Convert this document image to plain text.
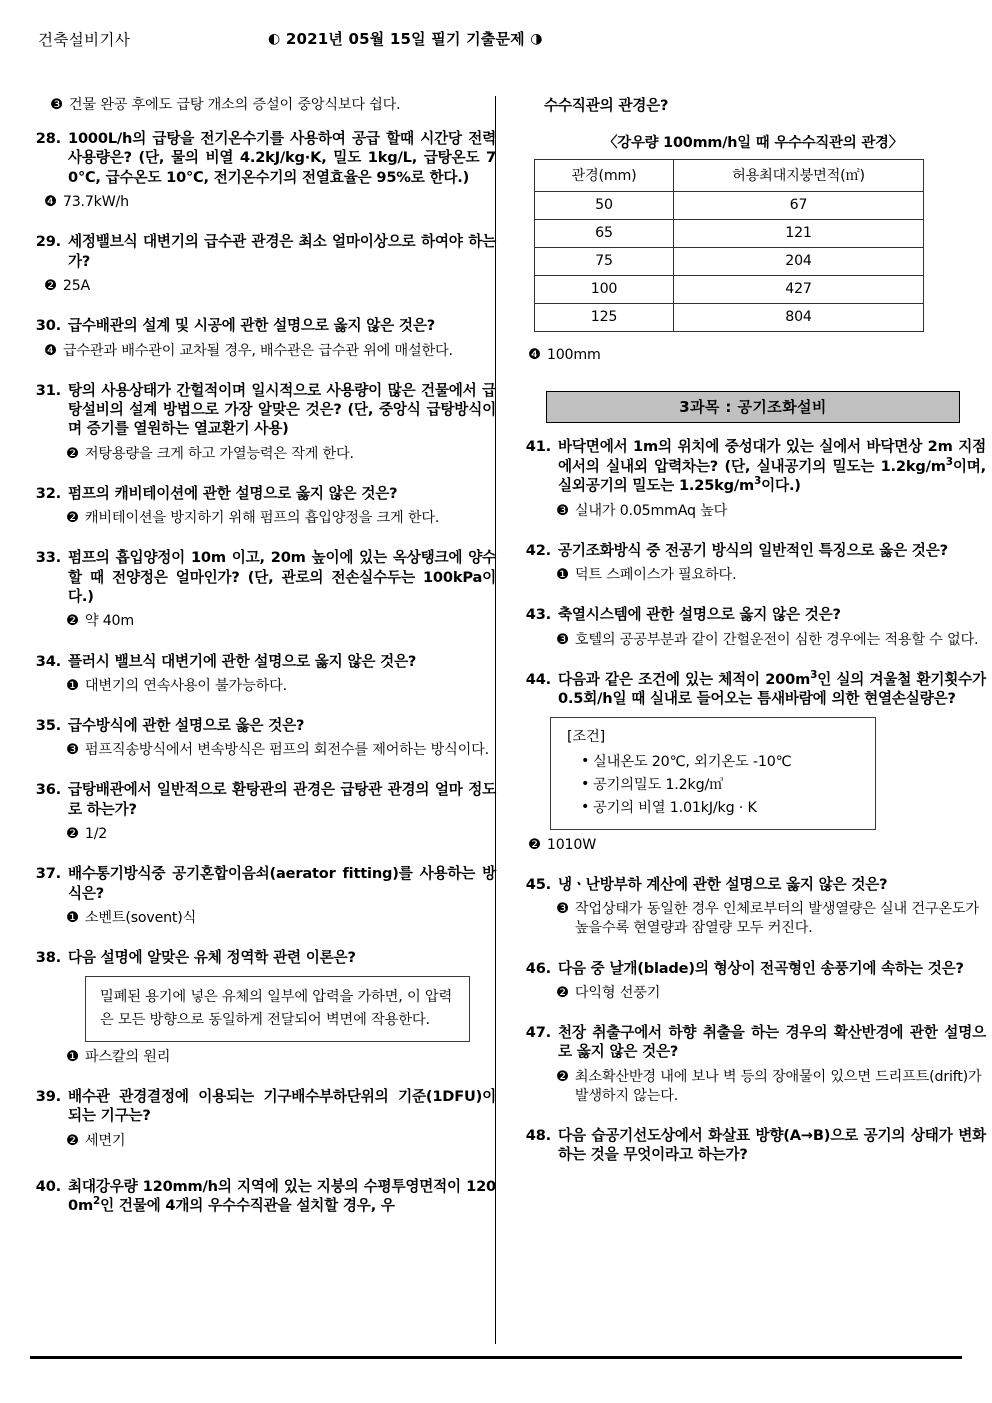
건축설비기사	◐ 2021년 05월 15일 필기 기출문제 ◑
❸ 건물 완공 후에도 급탕 개소의 증설이 중앙식보다 쉽다.
28. 1000L/h의 급탕을 전기온수기를 사용하여 공급 할때 시간당 전력사용량은? (단, 물의 비열 4.2kJ/kg·K, 밀도 1kg/L, 급탕온도 70℃, 급수온도 10℃, 전기온수기의 전열효율은 95%로 한다.)
❹ 73.7kW/h
29. 세정밸브식 대변기의 급수관 관경은 최소 얼마이상으로 하여야 하는가?
❷ 25A
30. 급수배관의 설계 및 시공에 관한 설명으로 옳지 않은 것은?
❹ 급수관과 배수관이 교차될 경우, 배수관은 급수관 위에 매설한다.
31. 탕의 사용상태가 간헐적이며 일시적으로 사용량이 많은 건물에서 급탕설비의 설계 방법으로 가장 알맞은 것은? (단, 중앙식 급탕방식이며 증기를 열원하는 열교환기 사용)
❷ 저탕용량을 크게 하고 가열능력은 작게 한다.
32. 펌프의 캐비테이션에 관한 설명으로 옳지 않은 것은?
❷ 캐비테이션을 방지하기 위해 펌프의 흡입양정을 크게 한다.
33. 펌프의 흡입양정이 10m 이고, 20m 높이에 있는 옥상탱크에 양수할 때 전양정은 얼마인가? (단, 관로의 전손실수두는 100kPa이다.)
❷ 약 40m
34. 플러시 밸브식 대변기에 관한 설명으로 옳지 않은 것은?
❶ 대변기의 연속사용이 불가능하다.
35. 급수방식에 관한 설명으로 옳은 것은?
❸ 펌프직송방식에서 변속방식은 펌프의 회전수를 제어하는 방식이다.
36. 급탕배관에서 일반적으로 환탕관의 관경은 급탕관 관경의 얼마 정도로 하는가?
❷ 1/2
37. 배수통기방식중 공기혼합이음쇠(aerator fitting)를 사용하는 방식은?
❶ 소벤트(sovent)식
38. 다음 설명에 알맞은 유체 정역학 관련 이론은?
밀폐된 용기에 넣은 유체의 일부에 압력을 가하면, 이 압력은 모든 방향으로 동일하게 전달되어 벽면에 작용한다.
❶ 파스칼의 원리
39. 배수관 관경결정에 이용되는 기구배수부하단위의 기준(1DFU)이 되는 기구는?
❷ 세면기
40. 최대강우량 120mm/h의 지역에 있는 지붕의 수평투영면적이 $1200m^2$인 건물에 4개의 우수수직관을 설치할 경우, 우
수수직관의 관경은?
〈강우량 100mm/h일 때 우수수직관의 관경〉
관경(mm)	허용최대지붕면적(㎡)
50	67
65	121
75	204
100	427
125	804
❹ 100mm
3과목 : 공기조화설비
41. 바닥면에서 1m의 위치에 중성대가 있는 실에서 바닥면상 2m 지점에서의 실내외 압력차는? (단, 실내공기의 밀도는 $1.2kg/m^3$이며, 실외공기의 밀도는 $1.25kg/m^3$이다.)
❸ 실내가 0.05mmAq 높다
42. 공기조화방식 중 전공기 방식의 일반적인 특징으로 옳은 것은?
❶ 덕트 스페이스가 필요하다.
43. 축열시스템에 관한 설명으로 옳지 않은 것은?
❸ 호텔의 공공부분과 같이 간헐운전이 심한 경우에는 적용할 수 없다.
44. 다음과 같은 조건에 있는 체적이 $200m^3$인 실의 겨울철 환기횟수가 0.5회/h일 때 실내로 들어오는 틈새바람에 의한 현열손실량은?
[조건]
• 실내온도 20℃, 외기온도 -10℃
• 공기의밀도 1.2kg/㎥
• 공기의 비열 1.01kJ/kg · K
❷ 1010W
45. 냉ㆍ난방부하 계산에 관한 설명으로 옳지 않은 것은?
❸ 작업상태가 동일한 경우 인체로부터의 발생열량은 실내 건구온도가 높을수록 현열량과 잠열량 모두 커진다.
46. 다음 중 날개(blade)의 형상이 전곡형인 송풍기에 속하는 것은?
❷ 다익형 선풍기
47. 천장 취출구에서 하향 취출을 하는 경우의 확산반경에 관한 설명으로 옳지 않은 것은?
❷ 최소확산반경 내에 보나 벽 등의 장애물이 있으면 드리프트(drift)가 발생하지 않는다.
48. 다음 습공기선도상에서 화살표 방향(A→B)으로 공기의 상태가 변화하는 것을 무엇이라고 하는가?
